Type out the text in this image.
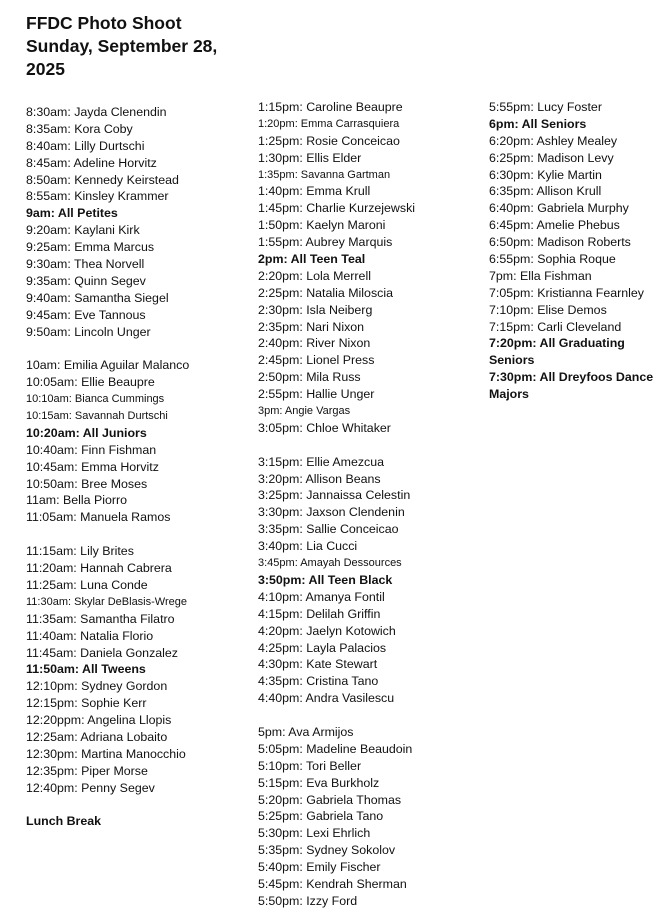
FFDC Photo Shoot Sunday, September 28, 2025
8:30am: Jayda Clenendin
8:35am: Kora Coby
8:40am: Lilly Durtschi
8:45am: Adeline Horvitz
8:50am: Kennedy Keirstead
8:55am: Kinsley Krammer
9am: All Petites
9:20am: Kaylani Kirk
9:25am: Emma Marcus
9:30am: Thea Norvell
9:35am: Quinn Segev
9:40am: Samantha Siegel
9:45am: Eve Tannous
9:50am: Lincoln Unger
10am: Emilia Aguilar Malanco
10:05am: Ellie Beaupre
10:10am: Bianca Cummings
10:15am: Savannah Durtschi
10:20am: All Juniors
10:40am: Finn Fishman
10:45am: Emma Horvitz
10:50am: Bree Moses
11am: Bella Piorro
11:05am: Manuela Ramos
11:15am: Lily Brites
11:20am: Hannah Cabrera
11:25am: Luna Conde
11:30am: Skylar DeBlasis-Wrege
11:35am: Samantha Filatro
11:40am: Natalia Florio
11:45am: Daniela Gonzalez
11:50am: All Tweens
12:10pm: Sydney Gordon
12:15pm: Sophie Kerr
12:20ppm: Angelina Llopis
12:25am: Adriana Lobaito
12:30pm: Martina Manocchio
12:35pm: Piper Morse
12:40pm: Penny Segev
Lunch Break
1:15pm: Caroline Beaupre
1:20pm: Emma Carrasquiera
1:25pm: Rosie Conceicao
1:30pm: Ellis Elder
1:35pm: Savanna Gartman
1:40pm: Emma Krull
1:45pm: Charlie Kurzejewski
1:50pm: Kaelyn Maroni
1:55pm: Aubrey Marquis
2pm: All Teen Teal
2:20pm: Lola Merrell
2:25pm: Natalia Miloscia
2:30pm: Isla Neiberg
2:35pm: Nari Nixon
2:40pm: River Nixon
2:45pm: Lionel Press
2:50pm: Mila Russ
2:55pm: Hallie Unger
3pm: Angie Vargas
3:05pm: Chloe Whitaker
3:15pm: Ellie Amezcua
3:20pm: Allison Beans
3:25pm: Jannaissa Celestin
3:30pm: Jaxson Clendenin
3:35pm: Sallie Conceicao
3:40pm: Lia Cucci
3:45pm: Amayah Dessources
3:50pm: All Teen Black
4:10pm: Amanya Fontil
4:15pm: Delilah Griffin
4:20pm: Jaelyn Kotowich
4:25pm: Layla Palacios
4:30pm: Kate Stewart
4:35pm: Cristina Tano
4:40pm: Andra Vasilescu
5pm: Ava Armijos
5:05pm: Madeline Beaudoin
5:10pm: Tori Beller
5:15pm: Eva Burkholz
5:20pm: Gabriela Thomas
5:25pm: Gabriela Tano
5:30pm: Lexi Ehrlich
5:35pm: Sydney Sokolov
5:40pm: Emily Fischer
5:45pm: Kendrah Sherman
5:50pm: Izzy Ford
5:55pm: Lucy Foster
6pm: All Seniors
6:20pm: Ashley Mealey
6:25pm: Madison Levy
6:30pm: Kylie Martin
6:35pm: Allison Krull
6:40pm: Gabriela Murphy
6:45pm: Amelie Phebus
6:50pm: Madison Roberts
6:55pm: Sophia Roque
7pm: Ella Fishman
7:05pm: Kristianna Fearnley
7:10pm: Elise Demos
7:15pm: Carli Cleveland
7:20pm: All Graduating Seniors
7:30pm: All Dreyfoos Dance Majors
